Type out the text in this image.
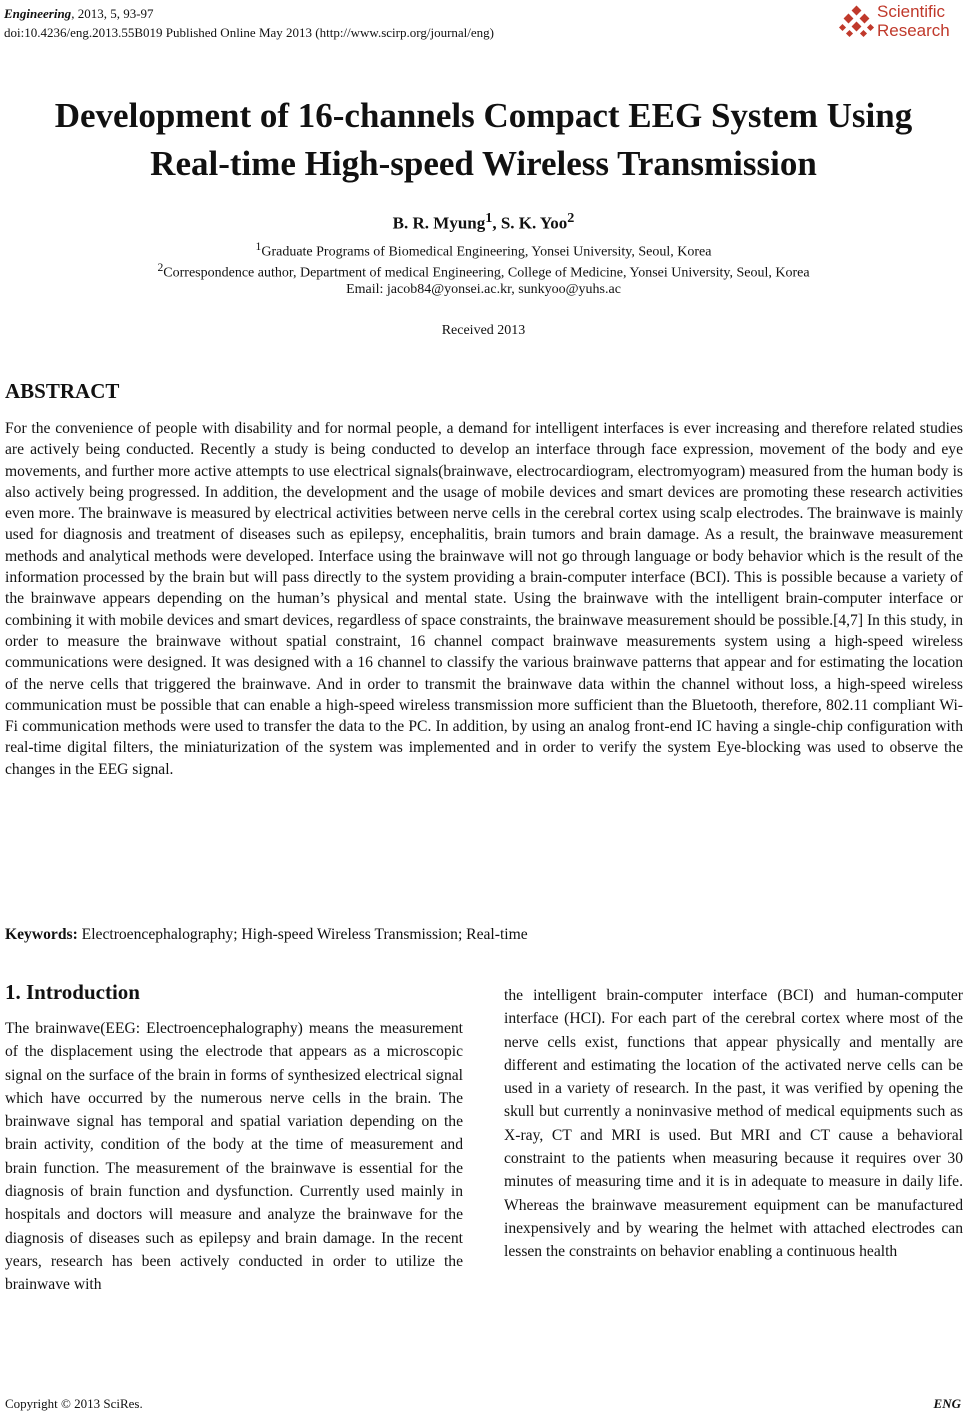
Engineering, 2013, 5, 93-97
doi:10.4236/eng.2013.55B019 Published Online May 2013 (http://www.scirp.org/journal/eng)
Scientific
Research
Development of 16-channels Compact EEG System Using
Real-time High-speed Wireless Transmission
B. R. Myung$^1$, S. K. Yoo$^2$
$^1$Graduate Programs of Biomedical Engineering, Yonsei University, Seoul, Korea
$^2$Correspondence author, Department of medical Engineering, College of Medicine, Yonsei University, Seoul, Korea
Email: jacob84@yonsei.ac.kr, sunkyoo@yuhs.ac
Received 2013
ABSTRACT
For the convenience of people with disability and for normal people, a demand for intelligent interfaces is ever increasing and therefore related studies are actively being conducted. Recently a study is being conducted to develop an interface through face expression, movement of the body and eye movements, and further more active attempts to use electrical signals(brainwave, electrocardiogram, electromyogram) measured from the human body is also actively being progressed. In addition, the development and the usage of mobile devices and smart devices are promoting these research activities even more. The brainwave is measured by electrical activities between nerve cells in the cerebral cortex using scalp electrodes. The brainwave is mainly used for diagnosis and treatment of diseases such as epilepsy, encephalitis, brain tumors and brain damage. As a result, the brainwave measurement methods and analytical methods were developed. Interface using the brainwave will not go through language or body behavior which is the result of the information processed by the brain but will pass directly to the system providing a brain-computer interface (BCI). This is possible because a variety of the brainwave appears depending on the human’s physical and mental state. Using the brainwave with the intelligent brain-computer interface or combining it with mobile devices and smart devices, regardless of space constraints, the brainwave measurement should be possible.[4,7] In this study, in order to measure the brainwave without spatial constraint, 16 channel compact brainwave measurements system using a high-speed wireless communications were designed. It was designed with a 16 channel to classify the various brainwave patterns that appear and for estimating the location of the nerve cells that triggered the brainwave. And in order to transmit the brainwave data within the channel without loss, a high-speed wireless communication must be possible that can enable a high-speed wireless transmission more sufficient than the Bluetooth, therefore, 802.11 compliant Wi-Fi communication methods were used to transfer the data to the PC. In addition, by using an analog front-end IC having a single-chip configuration with real-time digital filters, the miniaturization of the system was implemented and in order to verify the system Eye-blocking was used to observe the changes in the EEG signal.
Keywords: Electroencephalography; High-speed Wireless Transmission; Real-time
1. Introduction
The brainwave(EEG: Electroencephalography) means the measurement of the displacement using the electrode that appears as a microscopic signal on the surface of the brain in forms of synthesized electrical signal which have occurred by the numerous nerve cells in the brain. The brainwave signal has temporal and spatial variation depending on the brain activity, condition of the body at the time of measurement and brain function. The measurement of the brainwave is essential for the diagnosis of brain function and dysfunction. Currently used mainly in hospitals and doctors will measure and analyze the brainwave for the diagnosis of diseases such as epilepsy and brain damage. In the recent years, research has been actively conducted in order to utilize the brainwave with
the intelligent brain-computer interface (BCI) and human-computer interface (HCI). For each part of the cerebral cortex where most of the nerve cells exist, functions that appear physically and mentally are different and estimating the location of the activated nerve cells can be used in a variety of research. In the past, it was verified by opening the skull but currently a noninvasive method of medical equipments such as X-ray, CT and MRI is used. But MRI and CT cause a behavioral constraint to the patients when measuring because it requires over 30 minutes of measuring time and it is in adequate to measure in daily life. Whereas the brainwave measurement equipment can be manufactured inexpensively and by wearing the helmet with attached electrodes can lessen the constraints on behavior enabling a continuous health
Copyright © 2013 SciRes.	ENG
